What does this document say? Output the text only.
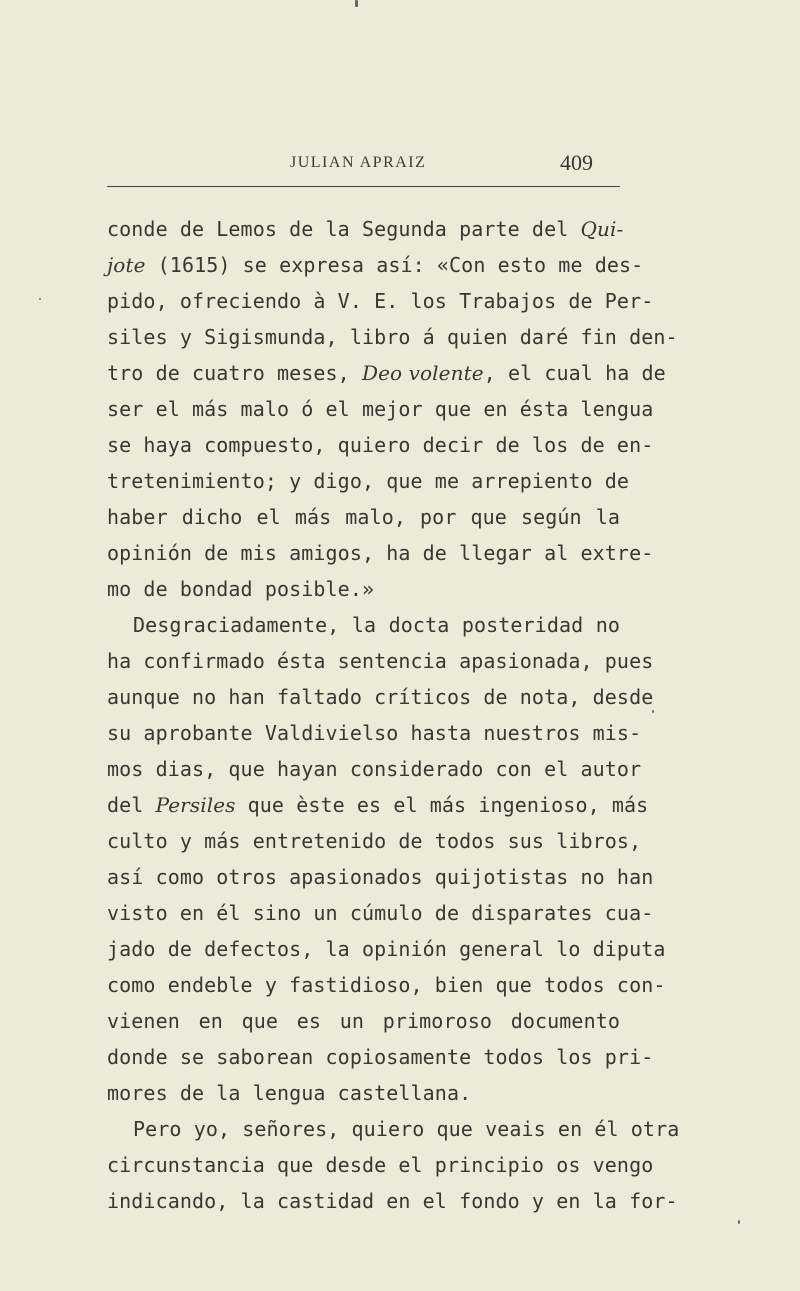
JULIAN APRAIZ	409
conde de Lemos de la Segunda parte del Qui-
jote (1615) se expresa así: «Con esto me des-
pido, ofreciendo à V. E. los Trabajos de Per-
siles y Sigismunda, libro á quien daré fin den-
tro de cuatro meses, Deo volente, el cual ha de
ser el más malo ó el mejor que en ésta lengua
se haya compuesto, quiero decir de los de en-
tretenimiento; y digo, que me arrepiento de
haber dicho el más malo, por que según la
opinión de mis amigos, ha de llegar al extre-
mo de bondad posible.»
Desgraciadamente, la docta posteridad no
ha confirmado ésta sentencia apasionada, pues
aunque no han faltado críticos de nota, desde
su aprobante Valdivielso hasta nuestros mis-
mos dias, que hayan considerado con el autor
del Persiles que èste es el más ingenioso, más
culto y más entretenido de todos sus libros,
así como otros apasionados quijotistas no han
visto en él sino un cúmulo de disparates cua-
jado de defectos, la opinión general lo diputa
como endeble y fastidioso, bien que todos con-
vienen en que es un primoroso documento
donde se saborean copiosamente todos los pri-
mores de la lengua castellana.
Pero yo, señores, quiero que veais en él otra
circunstancia que desde el principio os vengo
indicando, la castidad en el fondo y en la for-
